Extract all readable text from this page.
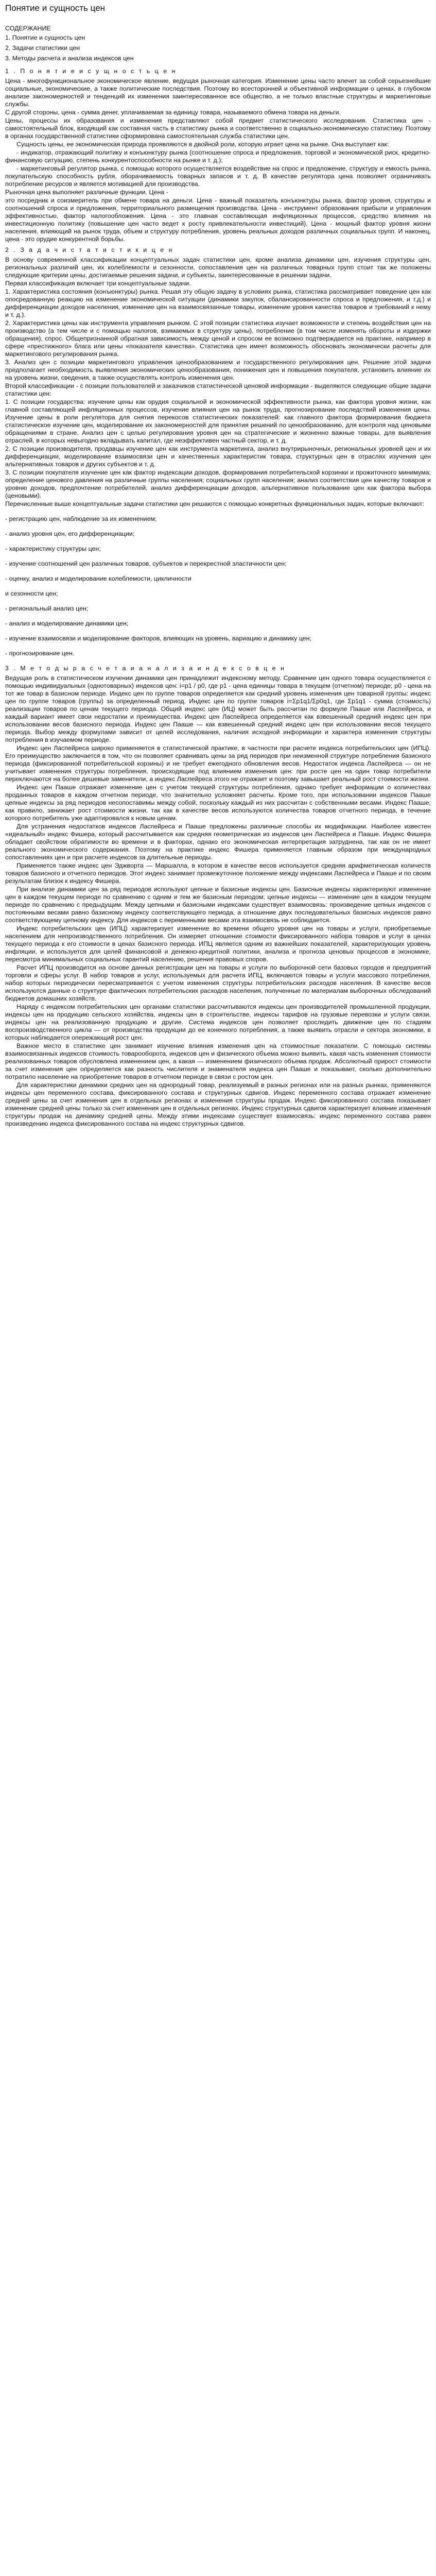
Понятие и сущность цен
СОДЕРЖАНИЕ
1. Понятие и сущность цен
2. Задачи статистики цен
3. Методы расчета и анализа индексов цен
1 . П о н я т и е и с у щ н о с т ь ц е н

Цена - многофункциональное экономическое явление, ведущая рыночная категория. Изменение цены часто влечет за собой серьезнейшие социальные, экономические, а также политические последствия. Поэтому во всесторонней и объективной информации о ценах, в глубоком анализе закономерностей и тенденций их изменения заинтересованное все общество, а не только властные структуры и маркетинговые службы.

С другой стороны, цена - сумма денег, уплачиваемая за единицу товара, называемого обмена товара на деньги.

Цены, процессы их образования и изменения представляют собой предмет статистического исследования. Статистика цен - самостоятельный блок, входящий как составная часть в статистику рынка и соответственно в социально-экономическую статистику. Поэтому в органах государственной статистики сформирована самостоятельная служба статистики цен.

Сущность цены, ее экономическая природа проявляются в двойной роли, которую играет цена на рынке. Она выступает как:

- индикатор, отражающий политику и конъюнктуру рынка (соотношение спроса и предложения, торговой и экономической риск, кредитно-финансовую ситуацию, степень конкурентоспособности на рынке и т. д.);

- маркетинговый регулятор рынка, с помощью которого осуществляется воздействие на спрос и предложение, структуру и емкость рынка, покупательскую способность рубля, оборачиваемость товарных запасов и т. д. В качестве регулятора цена позволяет ограничивать потребление ресурсов и является мотивацией для производства.

Рыночная цена выполняет различные функции. Цена -

это посредник и соизмеритель при обмене товара на деньги. Цена - важный показатель конъюнктуры рынка, фактор уровня, структуры и соотношений спроса и предложения, территориального размещения производства. Цена - инструмент образования прибыли и управления эффективностью, фактор налогообложения. Цена - это главная составляющая инфляционных процессов, средство влияния на инвестиционную политику (повышение цен часто ведет к росту привлекательности инвестиций). Цена - мощный фактор уровня жизни населения, влияющий на рынок труда, объем и структуру потребления, уровень реальных доходов различных социальных групп. И наконец, цена - это орудие конкурентной борьбы.

2 . З а д а ч и с т а т и с т и к и ц е н

В основу современной классификации концептуальных задач статистики цен, кроме анализа динамики цен, изучения структуры цен, региональных различий цен, их колеблемости и сезонности, сопоставления цен на различных товарных групп стоит так же положены следующие критерии цены, достигаемые решения задачи, и субъекты, заинтересованные в решении задачи.

Первая классификация включает три концептуальные задачи.

1. Характеристика состояния (конъюнктуры) рынка. Решая эту общую задачу в условиях рынка, статистика рассматривает поведение цен как опосредованную реакцию на изменение экономической ситуации (динамики закупок, сбалансированности спроса и предложения, и т.д.) и дифференциации доходов населения, изменение цен на взаимосвязанные товары, изменение уровня качества товаров и требований к нему и т. д.).

2. Характеристика цены как инструмента управления рынком. С этой позиции статистика изучает возможности и степень воздействия цен на производство (а тем числе и с помощью налогов, взимаемых в структуру цены), потребление (в том числе изменять обороты и издержки обращения), спрос. Общепризнанной обратная зависимость между ценой и спросом ее возможно подтверждается на практике, например в сфере «престижного» блага или цены «показателя качества». Статистика цен имеет возможность обосновать экономически расчеты для маркетингового регулирования рынка.

3. Анализ цен с позиции маркетингового управления ценообразованием и государственного регулирования цен. Решение этой задачи предполагает необходимость выявления экономических ценообразования, понижения цен и повышения покупателя, установить влияние их на уровень жизни, сведения, а также осуществлять контроль изменения цен.

Второй классификации - с позиции пользователей и заказчиков статистической ценовой информации - выделяются следующие общие задачи статистики цен:

1. С позиции государства: изучение цены как орудия социальной и экономической эффективности рынка, как фактора уровня жизни, как главной составляющей инфляционных процессов, изучение влияния цен на рынок труда, прогнозирование последствий изменения цены. Изучение цены в роли регулятора для снятия перекосов статистических показателей: как главного фактора формирования бюджета статистическое изучение цен, моделирование их закономерностей для принятия решений по ценообразованию, для контроля над ценовыми обращениями в стране. Анализ цен с целью регулирования уровня цен на стратегические и жизненно важные товары, для выявления отраслей, в которых невыгодно вкладывать капитал, где неэффективен частный сектор, и т. д.

2. С позиции производителя, продавцы изучение цен как инструмента маркетинга, анализ внутрирыночных, региональных уровней цен и их дифференциации, моделирование взаимосвязи цен и качественных характеристик товара, структурных цен в отраслях изучения цен альтернативных товаров и других субъектов и т. д.

3. С позиции покупателя изучение цен как фактор индексации доходов, формирования потребительской корзинки и прожиточного минимума; определение ценового давления на различные группы населения; социальных групп населения; анализ соответствия цен качеству товаров и уровню доходов, предпочтение потребителей, анализ дифференциации доходов, альтернативное пользование цен как фактора выбора (ценовыми).

Перечисленные выше концептуальные задачи статистики цен решаются с помощью конкретных функциональных задач, которые включают:

- регистрацию цен, наблюдение за их изменением;

- анализ уровня цен, его дифференциации;

- характеристику структуры цен;

- изучение соотношений цен различных товаров, субъектов и перекрестной эластичности цен;

- оценку, анализ и моделирование колеблемости, цикличности

и сезонности цен;

- региональный анализ цен;

- анализ и моделирование динамики цен;

- изучение взаимосвязи и моделирование факторов, влияющих на уровень, вариацию и динамику цен;

- прогнозирование цен.

3 . М е т о д ы р а с ч е т а и а н а л и з а и н д е к с о в ц е н

Ведущая роль в статистическом изучении динамики цен принадлежит индексному методу. Сравнение цен одного товара осуществляется с помощью индивидуальных (однотоварных) индексов цен: i=p1 / p0, где p1 - цена единицы товара в текущем (отчетном) периоде; p0 - цена на тот же товар в базисном периоде. Индекс цен по группе товаров определяется как средний уровень изменения цен товарной группы: индекс цен по группе товаров (группы) за определенный период. Индекс цен по группе товаров i=Σp1q1/Σp0q1, где Σp1q1 - сумма (стоимость) реализации товаров по ценам текущего периода. Общий индекс цен (ИЦ) может быть рассчитан по формуле Пааше или Ласпейреса, и каждый вариант имеет свои недостатки и преимущества. Индекс цен Ласпейреса определяется как взвешенный средний индекс цен при использовании весов базисного периода. Индекс цен Пааше — как взвешенный средний индекс цен при использовании весов текущего периода. Выбор между формулами зависит от целей исследования, наличия исходной информации и характера изменения структуры потребления в изучаемом периоде.

Индекс цен Ласпейреса широко применяется в статистической практике, в частности при расчете индекса потребительских цен (ИПЦ). Его преимущество заключается в том, что он позволяет сравнивать цены за ряд периодов при неизменной структуре потребления базисного периода (фиксированной потребительской корзины) и не требует ежегодного обновления весов. Недостаток индекса Ласпейреса — он не учитывает изменения структуры потребления, происходящие под влиянием изменения цен: при росте цен на один товар потребители переключаются на более дешевые заменители, а индекс Ласпейреса этого не отражает и поэтому завышает реальный рост стоимости жизни.

Индекс цен Пааше отражает изменение цен с учетом текущей структуры потребления, однако требует информации о количествах проданных товаров в каждом отчетном периоде, что значительно усложняет расчеты. Кроме того, при использовании индексов Пааше цепные индексы за ряд периодов несопоставимы между собой, поскольку каждый из них рассчитан с собственными весами. Индекс Пааше, как правило, занижает рост стоимости жизни, так как в качестве весов используются количества товаров отчетного периода, в течение которого потребитель уже адаптировался к новым ценам.

Для устранения недостатков индексов Ласпейреса и Пааше предложены различные способы их модификации. Наиболее известен «идеальный» индекс Фишера, который рассчитывается как средняя геометрическая из индексов цен Ласпейреса и Пааше. Индекс Фишера обладает свойством обратимости во времени и в факторах, однако его экономическая интерпретация затруднена, так как он не имеет реального экономического содержания. Поэтому на практике индекс Фишера применяется главным образом при международных сопоставлениях цен и при расчете индексов за длительные периоды.

Применяется также индекс цен Эджворта — Маршалла, в котором в качестве весов используется средняя арифметическая количеств товаров базисного и отчетного периодов. Этот индекс занимает промежуточное положение между индексами Ласпейреса и Пааше и по своим результатам близок к индексу Фишера.

При анализе динамики цен за ряд периодов используют цепные и базисные индексы цен. Базисные индексы характеризуют изменение цен в каждом текущем периоде по сравнению с одним и тем же базисным периодом; цепные индексы — изменение цен в каждом текущем периоде по сравнению с предыдущим. Между цепными и базисными индексами существует взаимосвязь: произведение цепных индексов с постоянными весами равно базисному индексу соответствующего периода, а отношение двух последовательных базисных индексов равно соответствующему цепному индексу. Для индексов с переменными весами эта взаимосвязь не соблюдается.

Индекс потребительских цен (ИПЦ) характеризует изменение во времени общего уровня цен на товары и услуги, приобретаемые населением для непроизводственного потребления. Он измеряет отношение стоимости фиксированного набора товаров и услуг в ценах текущего периода к его стоимости в ценах базисного периода. ИПЦ является одним из важнейших показателей, характеризующих уровень инфляции, и используется для целей финансовой и денежно-кредитной политики, анализа и прогноза ценовых процессов в экономике, пересмотра минимальных социальных гарантий населению, решения правовых споров.

Расчет ИПЦ производится на основе данных регистрации цен на товары и услуги по выборочной сети базовых городов и предприятий торговли и сферы услуг. В набор товаров и услуг, используемых для расчета ИПЦ, включаются товары и услуги массового потребления, набор которых периодически пересматривается с учетом изменения структуры потребительских расходов населения. В качестве весов используются данные о структуре фактических потребительских расходов населения, полученные по материалам выборочных обследований бюджетов домашних хозяйств.

Наряду с индексом потребительских цен органами статистики рассчитываются индексы цен производителей промышленной продукции, индексы цен на продукцию сельского хозяйства, индексы цен в строительстве, индексы тарифов на грузовые перевозки и услуги связи, индексы цен на реализованную продукцию и другие. Система индексов цен позволяет проследить движение цен по стадиям воспроизводственного цикла — от производства продукции до ее конечного потребления, а также выявить отрасли и сектора экономики, в которых наблюдается опережающий рост цен.

Важное место в статистике цен занимает изучение влияния изменения цен на стоимостные показатели. С помощью системы взаимосвязанных индексов стоимость товарооборота, индексов цен и физического объема можно выявить, какая часть изменения стоимости реализованных товаров обусловлена изменением цен, а какая — изменением физического объема продаж. Абсолютный прирост стоимости за счет изменения цен определяется как разность числителя и знаменателя индекса цен Пааше и показывает, сколько дополнительно потратило население на приобретение товаров в отчетном периоде в связи с ростом цен.

Для характеристики динамики средних цен на однородный товар, реализуемый в разных регионах или на разных рынках, применяются индексы цен переменного состава, фиксированного состава и структурных сдвигов. Индекс переменного состава отражает изменение средней цены за счет изменения цен в отдельных регионах и изменения структуры продаж. Индекс фиксированного состава показывает изменение средней цены только за счет изменения цен в отдельных регионах. Индекс структурных сдвигов характеризует влияние изменения структуры продаж на динамику средней цены. Между этими индексами существует взаимосвязь: индекс переменного состава равен произведению индекса фиксированного состава на индекс структурных сдвигов.
